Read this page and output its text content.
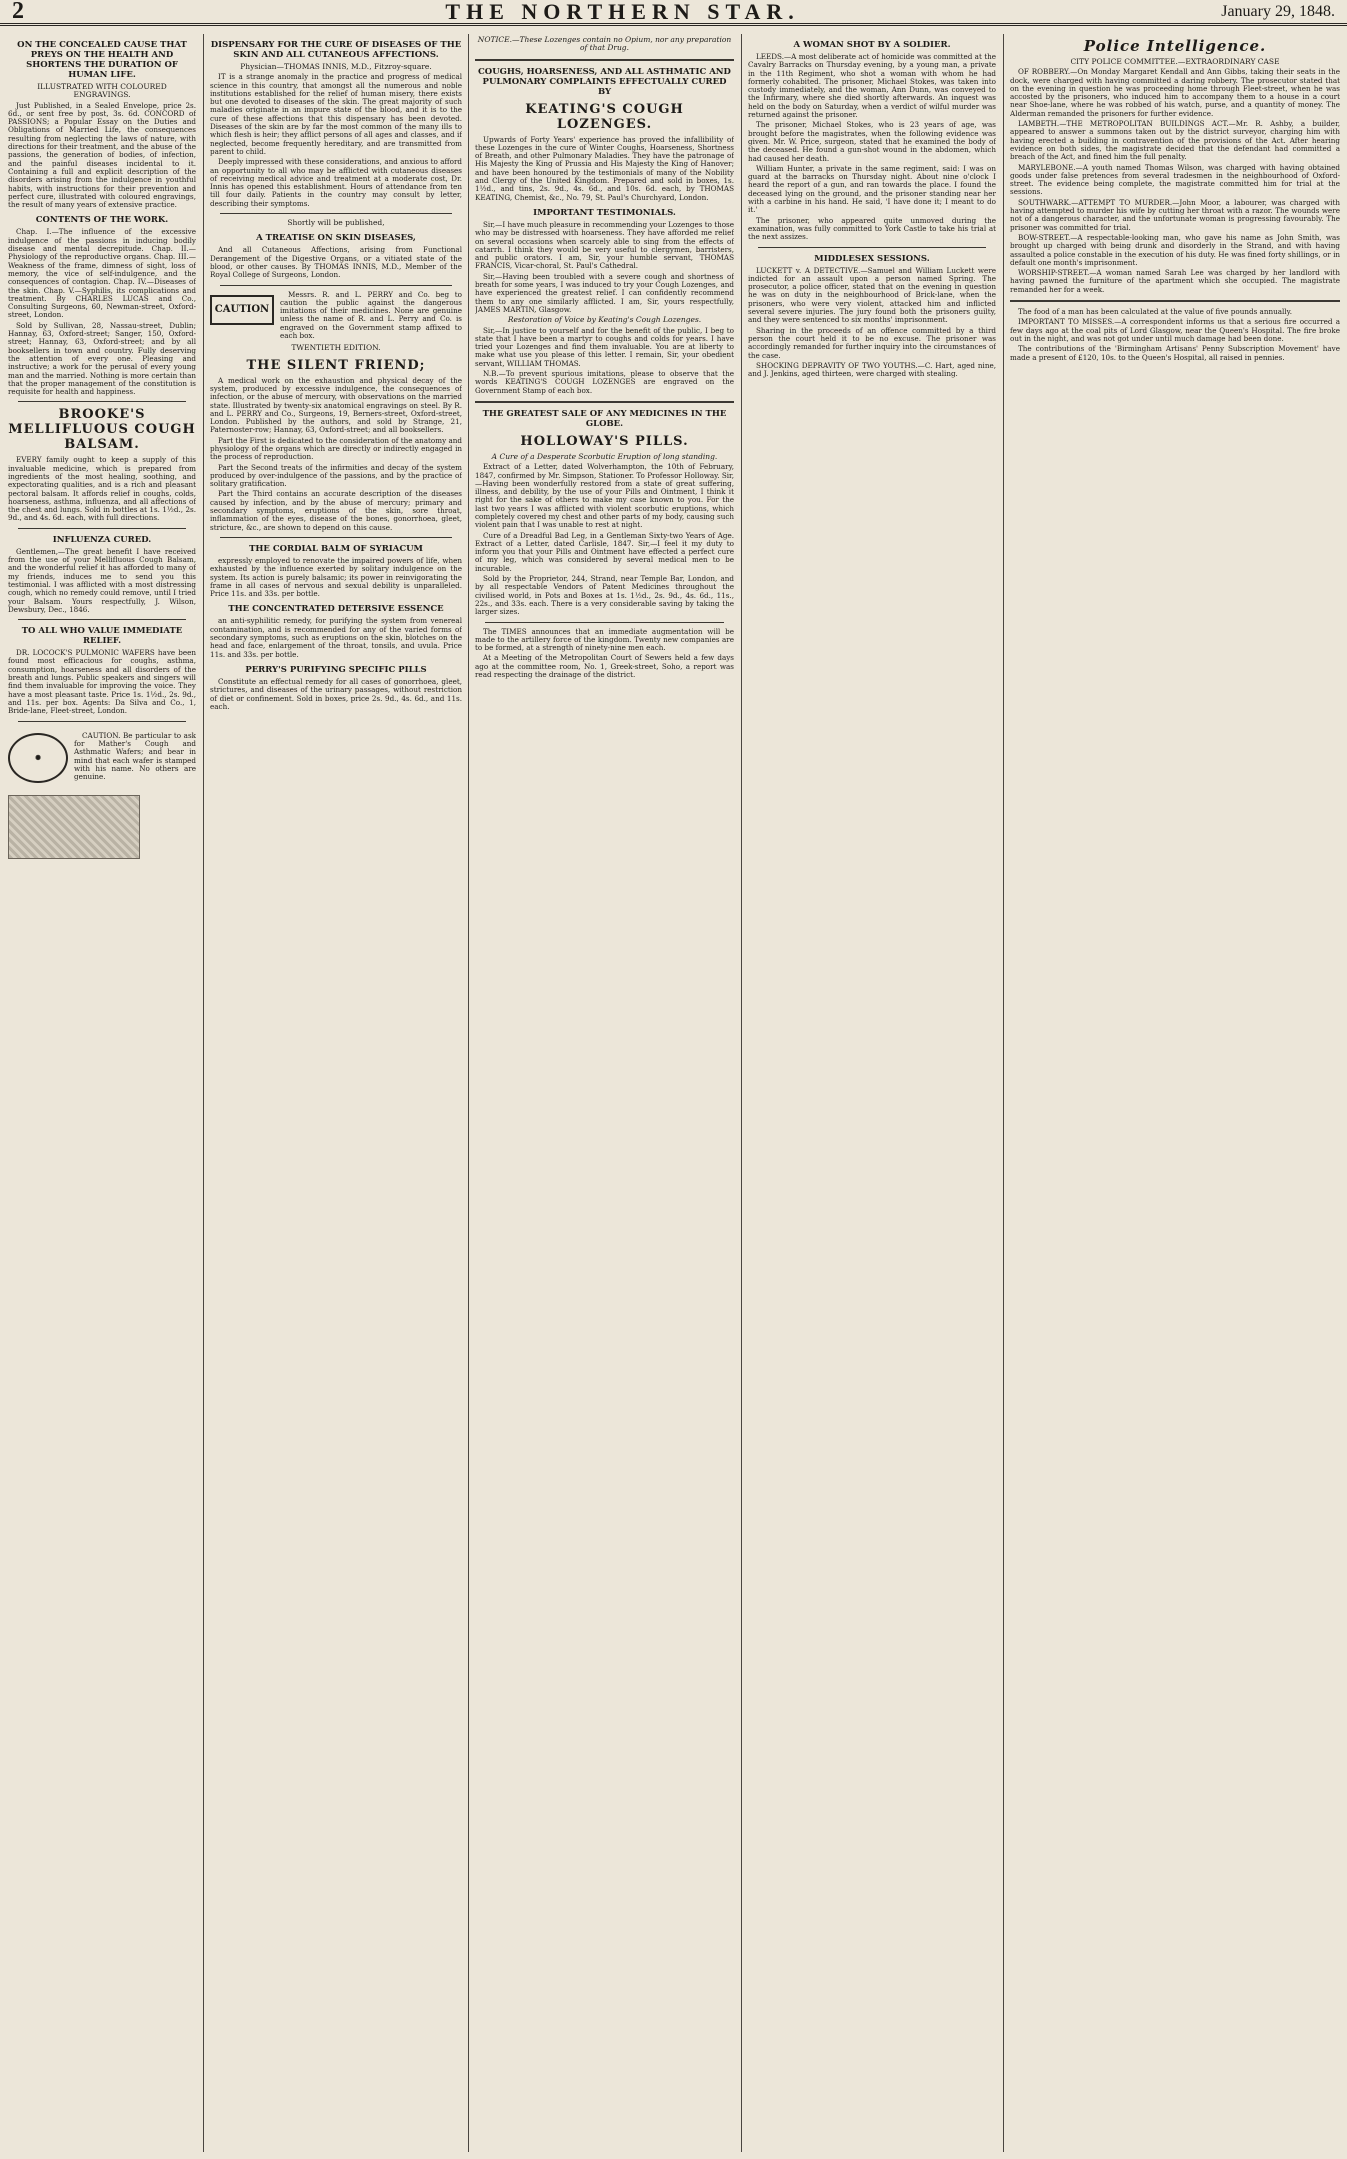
2	THE NORTHERN STAR.	January 29, 1848.

ON THE CONCEALED CAUSE THAT PREYS ON THE HEALTH AND SHORTENS THE DURATION OF HUMAN LIFE.

ILLUSTRATED WITH COLOURED ENGRAVINGS.

Just Published, in a Sealed Envelope, price 2s. 6d., or sent free by post, 3s. 6d. CONCORD of PASSIONS; a Popular Essay on the Duties and Obligations of Married Life, the consequences resulting from neglecting the laws of nature, with directions for their treatment, and the abuse of the passions, the generation of bodies, of infection, and the painful diseases incidental to it. Containing a full and explicit description of the disorders arising from the indulgence in youthful habits, with instructions for their prevention and perfect cure, illustrated with coloured engravings, the result of many years of extensive practice.

CONTENTS OF THE WORK.

Chap. I.—The influence of the excessive indulgence of the passions in inducing bodily disease and mental decrepitude. Chap. II.—Physiology of the reproductive organs. Chap. III.—Weakness of the frame, dimness of sight, loss of memory, the vice of self-indulgence, and the consequences of contagion. Chap. IV.—Diseases of the skin. Chap. V.—Syphilis, its complications and treatment. By CHARLES LUCAS and Co., Consulting Surgeons, 60, Newman-street, Oxford-street, London.

Sold by Sullivan, 28, Nassau-street, Dublin; Hannay, 63, Oxford-street; Sanger, 150, Oxford-street; Hannay, 63, Oxford-street; and by all booksellers in town and country. Fully deserving the attention of every one. Pleasing and instructive; a work for the perusal of every young man and the married. Nothing is more certain than that the proper management of the constitution is requisite for health and happiness.

BROOKE'S MELLIFLUOUS COUGH BALSAM.

EVERY family ought to keep a supply of this invaluable medicine, which is prepared from ingredients of the most healing, soothing, and expectorating qualities, and is a rich and pleasant pectoral balsam. It affords relief in coughs, colds, hoarseness, asthma, influenza, and all affections of the chest and lungs. Sold in bottles at 1s. 1½d., 2s. 9d., and 4s. 6d. each, with full directions.

INFLUENZA CURED.

Gentlemen,—The great benefit I have received from the use of your Mellifluous Cough Balsam, and the wonderful relief it has afforded to many of my friends, induces me to send you this testimonial. I was afflicted with a most distressing cough, which no remedy could remove, until I tried your Balsam. Yours respectfully, J. Wilson, Dewsbury, Dec., 1846.

TO ALL WHO VALUE IMMEDIATE RELIEF.

DR. LOCOCK'S PULMONIC WAFERS have been found most efficacious for coughs, asthma, consumption, hoarseness and all disorders of the breath and lungs. Public speakers and singers will find them invaluable for improving the voice. They have a most pleasant taste. Price 1s. 1½d., 2s. 9d., and 11s. per box. Agents: Da Silva and Co., 1, Bride-lane, Fleet-street, London.

✺

CAUTION. Be particular to ask for Mather's Cough and Asthmatic Wafers; and bear in mind that each wafer is stamped with his name. No others are genuine.

DISPENSARY FOR THE CURE OF DISEASES OF THE SKIN AND ALL CUTANEOUS AFFECTIONS.

Physician—THOMAS INNIS, M.D., Fitzroy-square.

IT is a strange anomaly in the practice and progress of medical science in this country, that amongst all the numerous and noble institutions established for the relief of human misery, there exists but one devoted to diseases of the skin. The great majority of such maladies originate in an impure state of the blood, and it is to the cure of these affections that this dispensary has been devoted. Diseases of the skin are by far the most common of the many ills to which flesh is heir; they afflict persons of all ages and classes, and if neglected, become frequently hereditary, and are transmitted from parent to child.

Deeply impressed with these considerations, and anxious to afford an opportunity to all who may be afflicted with cutaneous diseases of receiving medical advice and treatment at a moderate cost, Dr. Innis has opened this establishment. Hours of attendance from ten till four daily. Patients in the country may consult by letter, describing their symptoms.

Shortly will be published,

A TREATISE ON SKIN DISEASES,

And all Cutaneous Affections, arising from Functional Derangement of the Digestive Organs, or a vitiated state of the blood, or other causes. By THOMAS INNIS, M.D., Member of the Royal College of Surgeons, London.

CAUTION

Messrs. R. and L. PERRY and Co. beg to caution the public against the dangerous imitations of their medicines. None are genuine unless the name of R. and L. Perry and Co. is engraved on the Government stamp affixed to each box.

TWENTIETH EDITION.

THE SILENT FRIEND;

A medical work on the exhaustion and physical decay of the system, produced by excessive indulgence, the consequences of infection, or the abuse of mercury, with observations on the married state. Illustrated by twenty-six anatomical engravings on steel. By R. and L. PERRY and Co., Surgeons, 19, Berners-street, Oxford-street, London. Published by the authors, and sold by Strange, 21, Paternoster-row; Hannay, 63, Oxford-street; and all booksellers.

Part the First is dedicated to the consideration of the anatomy and physiology of the organs which are directly or indirectly engaged in the process of reproduction.

Part the Second treats of the infirmities and decay of the system produced by over-indulgence of the passions, and by the practice of solitary gratification.

Part the Third contains an accurate description of the diseases caused by infection, and by the abuse of mercury; primary and secondary symptoms, eruptions of the skin, sore throat, inflammation of the eyes, disease of the bones, gonorrhoea, gleet, stricture, &c., are shown to depend on this cause.

THE CORDIAL BALM OF SYRIACUM

expressly employed to renovate the impaired powers of life, when exhausted by the influence exerted by solitary indulgence on the system. Its action is purely balsamic; its power in reinvigorating the frame in all cases of nervous and sexual debility is unparalleled. Price 11s. and 33s. per bottle.

THE CONCENTRATED DETERSIVE ESSENCE

an anti-syphilitic remedy, for purifying the system from venereal contamination, and is recommended for any of the varied forms of secondary symptoms, such as eruptions on the skin, blotches on the head and face, enlargement of the throat, tonsils, and uvula. Price 11s. and 33s. per bottle.

PERRY'S PURIFYING SPECIFIC PILLS

Constitute an effectual remedy for all cases of gonorrhoea, gleet, strictures, and diseases of the urinary passages, without restriction of diet or confinement. Sold in boxes, price 2s. 9d., 4s. 6d., and 11s. each.

NOTICE.—These Lozenges contain no Opium, nor any preparation of that Drug.

COUGHS, HOARSENESS, AND ALL ASTHMATIC AND PULMONARY COMPLAINTS EFFECTUALLY CURED BY

KEATING'S COUGH LOZENGES.

Upwards of Forty Years' experience has proved the infallibility of these Lozenges in the cure of Winter Coughs, Hoarseness, Shortness of Breath, and other Pulmonary Maladies. They have the patronage of His Majesty the King of Prussia and His Majesty the King of Hanover; and have been honoured by the testimonials of many of the Nobility and Clergy of the United Kingdom. Prepared and sold in boxes, 1s. 1½d., and tins, 2s. 9d., 4s. 6d., and 10s. 6d. each, by THOMAS KEATING, Chemist, &c., No. 79, St. Paul's Churchyard, London.

IMPORTANT TESTIMONIALS.

Sir,—I have much pleasure in recommending your Lozenges to those who may be distressed with hoarseness. They have afforded me relief on several occasions when scarcely able to sing from the effects of catarrh. I think they would be very useful to clergymen, barristers, and public orators. I am, Sir, your humble servant, THOMAS FRANCIS, Vicar-choral, St. Paul's Cathedral.

Sir,—Having been troubled with a severe cough and shortness of breath for some years, I was induced to try your Cough Lozenges, and have experienced the greatest relief. I can confidently recommend them to any one similarly afflicted. I am, Sir, yours respectfully, JAMES MARTIN, Glasgow.

Restoration of Voice by Keating's Cough Lozenges.

Sir,—In justice to yourself and for the benefit of the public, I beg to state that I have been a martyr to coughs and colds for years. I have tried your Lozenges and find them invaluable. You are at liberty to make what use you please of this letter. I remain, Sir, your obedient servant, WILLIAM THOMAS.

N.B.—To prevent spurious imitations, please to observe that the words KEATING'S COUGH LOZENGES are engraved on the Government Stamp of each box.

THE GREATEST SALE OF ANY MEDICINES IN THE GLOBE.

HOLLOWAY'S PILLS.

A Cure of a Desperate Scorbutic Eruption of long standing.

Extract of a Letter, dated Wolverhampton, the 10th of February, 1847, confirmed by Mr. Simpson, Stationer. To Professor Holloway. Sir,—Having been wonderfully restored from a state of great suffering, illness, and debility, by the use of your Pills and Ointment, I think it right for the sake of others to make my case known to you. For the last two years I was afflicted with violent scorbutic eruptions, which completely covered my chest and other parts of my body, causing such violent pain that I was unable to rest at night.

Cure of a Dreadful Bad Leg, in a Gentleman Sixty-two Years of Age. Extract of a Letter, dated Carlisle, 1847. Sir,—I feel it my duty to inform you that your Pills and Ointment have effected a perfect cure of my leg, which was considered by several medical men to be incurable.

Sold by the Proprietor, 244, Strand, near Temple Bar, London, and by all respectable Vendors of Patent Medicines throughout the civilised world, in Pots and Boxes at 1s. 1½d., 2s. 9d., 4s. 6d., 11s., 22s., and 33s. each. There is a very considerable saving by taking the larger sizes.

The TIMES announces that an immediate augmentation will be made to the artillery force of the kingdom. Twenty new companies are to be formed, at a strength of ninety-nine men each.

At a Meeting of the Metropolitan Court of Sewers held a few days ago at the committee room, No. 1, Greek-street, Soho, a report was read respecting the drainage of the district.

A WOMAN SHOT BY A SOLDIER.

LEEDS.—A most deliberate act of homicide was committed at the Cavalry Barracks on Thursday evening, by a young man, a private in the 11th Regiment, who shot a woman with whom he had formerly cohabited. The prisoner, Michael Stokes, was taken into custody immediately, and the woman, Ann Dunn, was conveyed to the Infirmary, where she died shortly afterwards. An inquest was held on the body on Saturday, when a verdict of wilful murder was returned against the prisoner.

The prisoner, Michael Stokes, who is 23 years of age, was brought before the magistrates, when the following evidence was given. Mr. W. Price, surgeon, stated that he examined the body of the deceased. He found a gun-shot wound in the abdomen, which had caused her death.

William Hunter, a private in the same regiment, said: I was on guard at the barracks on Thursday night. About nine o'clock I heard the report of a gun, and ran towards the place. I found the deceased lying on the ground, and the prisoner standing near her with a carbine in his hand. He said, 'I have done it; I meant to do it.'

The prisoner, who appeared quite unmoved during the examination, was fully committed to York Castle to take his trial at the next assizes.

MIDDLESEX SESSIONS.

LUCKETT v. A DETECTIVE.—Samuel and William Luckett were indicted for an assault upon a person named Spring. The prosecutor, a police officer, stated that on the evening in question he was on duty in the neighbourhood of Brick-lane, when the prisoners, who were very violent, attacked him and inflicted several severe injuries. The jury found both the prisoners guilty, and they were sentenced to six months' imprisonment.

Sharing in the proceeds of an offence committed by a third person the court held it to be no excuse. The prisoner was accordingly remanded for further inquiry into the circumstances of the case.

SHOCKING DEPRAVITY OF TWO YOUTHS.—C. Hart, aged nine, and J. Jenkins, aged thirteen, were charged with stealing.

Police Intelligence.

CITY POLICE COMMITTEE.—EXTRAORDINARY CASE

OF ROBBERY.—On Monday Margaret Kendall and Ann Gibbs, taking their seats in the dock, were charged with having committed a daring robbery. The prosecutor stated that on the evening in question he was proceeding home through Fleet-street, when he was accosted by the prisoners, who induced him to accompany them to a house in a court near Shoe-lane, where he was robbed of his watch, purse, and a quantity of money. The Alderman remanded the prisoners for further evidence.

LAMBETH.—THE METROPOLITAN BUILDINGS ACT.—Mr. R. Ashby, a builder, appeared to answer a summons taken out by the district surveyor, charging him with having erected a building in contravention of the provisions of the Act. After hearing evidence on both sides, the magistrate decided that the defendant had committed a breach of the Act, and fined him the full penalty.

MARYLEBONE.—A youth named Thomas Wilson, was charged with having obtained goods under false pretences from several tradesmen in the neighbourhood of Oxford-street. The evidence being complete, the magistrate committed him for trial at the sessions.

SOUTHWARK.—ATTEMPT TO MURDER.—John Moor, a labourer, was charged with having attempted to murder his wife by cutting her throat with a razor. The wounds were not of a dangerous character, and the unfortunate woman is progressing favourably. The prisoner was committed for trial.

BOW-STREET.—A respectable-looking man, who gave his name as John Smith, was brought up charged with being drunk and disorderly in the Strand, and with having assaulted a police constable in the execution of his duty. He was fined forty shillings, or in default one month's imprisonment.

WORSHIP-STREET.—A woman named Sarah Lee was charged by her landlord with having pawned the furniture of the apartment which she occupied. The magistrate remanded her for a week.

The food of a man has been calculated at the value of five pounds annually.

IMPORTANT TO MISSES.—A correspondent informs us that a serious fire occurred a few days ago at the coal pits of Lord Glasgow, near the Queen's Hospital. The fire broke out in the night, and was not got under until much damage had been done.

The contributions of the 'Birmingham Artisans' Penny Subscription Movement' have made a present of £120, 10s. to the Queen's Hospital, all raised in pennies.
